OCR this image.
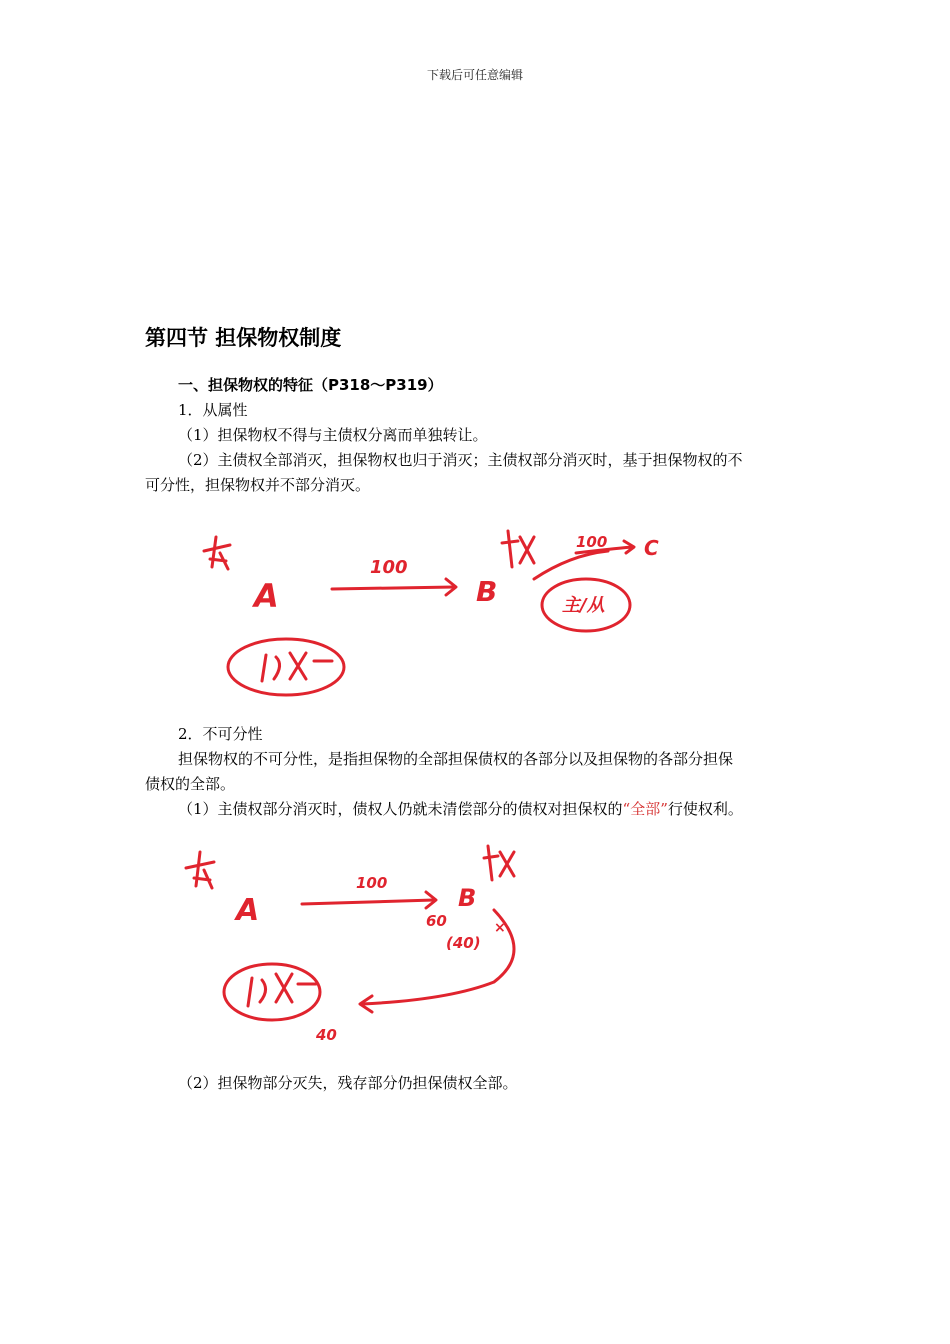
下载后可任意编辑
第四节 担保物权制度
一、担保物权的特征（P318～P319）
1．从属性
（1）担保物权不得与主债权分离而单独转让。
（2）主债权全部消灭，担保物权也归于消灭；主债权部分消灭时，基于担保物权的不
可分性，担保物权并不部分消灭。
A
100
B
100 C
主/从
2．不可分性
担保物权的不可分性，是指担保物的全部担保债权的各部分以及担保物的各部分担保
债权的全部。
（1）主债权部分消灭时，债权人仍就未清偿部分的债权对担保权的“全部”行使权利。
A
100
B
60
(40)
×
40
（2）担保物部分灭失，残存部分仍担保债权全部。
